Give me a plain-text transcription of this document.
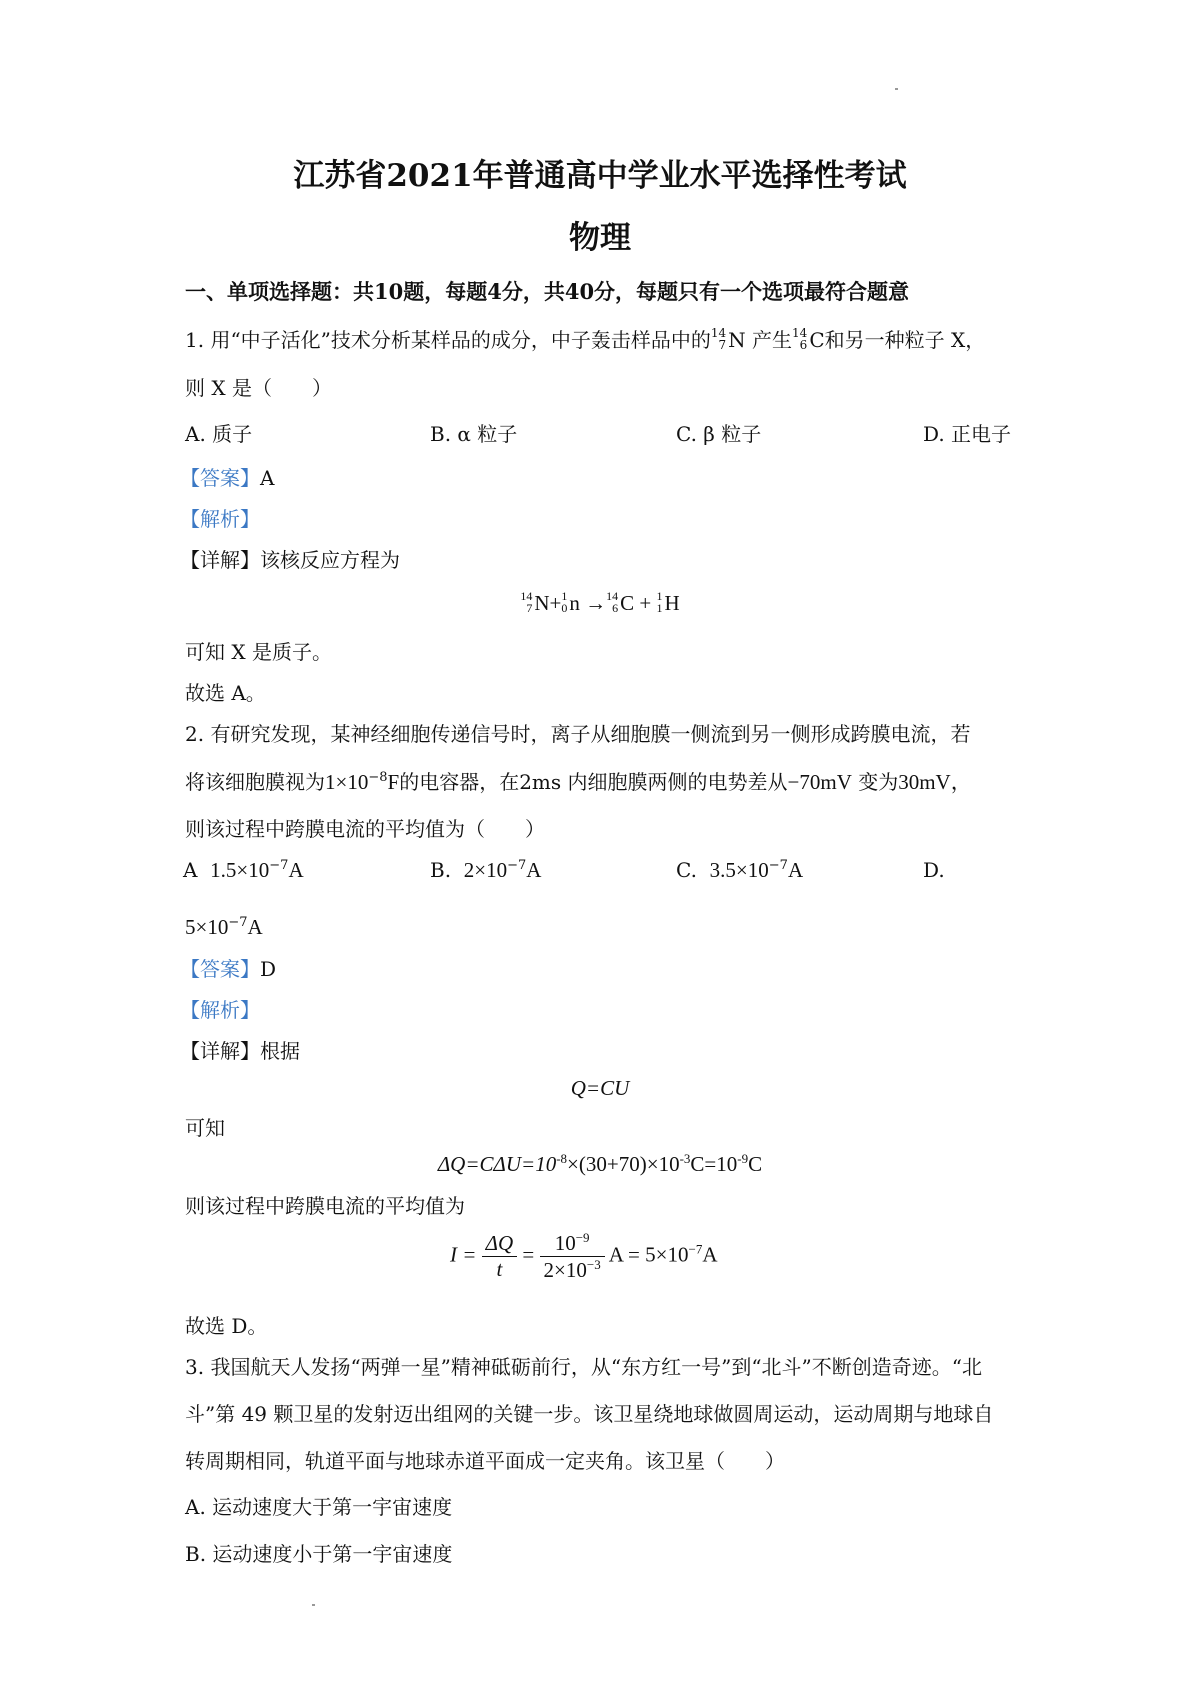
江苏省2021年普通高中学业水平选择性考试
物理
一、单项选择题：共10题，每题4分，共40分，每题只有一个选项最符合题意
1. 用“中子活化”技术分析某样品的成分，中子轰击样品中的 14
7 N 产生 14
6 C和另一种粒子 X，
则 X 是（　　）
A. 质子	B. α 粒子	C. β 粒子	D. 正电子
【答案】A
【解析】
【详解】该核反应方程为
14
7 N+ 1
0 n → 14
6 C + 1
1 H
可知 X 是质子。
故选 A。
2. 有研究发现，某神经细胞传递信号时，离子从细胞膜一侧流到另一侧形成跨膜电流，若
将该细胞膜视为$1\times 10^{-8}F$的电容器，在2ms 内细胞膜两侧的电势差从−70mV 变为30mV，
则该过程中跨膜电流的平均值为（　　）
A $1.5\times 10^{-7}A$	B. $2\times 10^{-7}A$	C. $3.5\times 10^{-7}A$	D.
$5\times 10^{-7}A$
【答案】D
【解析】
【详解】根据
Q=CU
可知
$\Delta Q=C\Delta U=10^{-8}\times(30+70)\times 10^{-3}C=10^{-9}C$
则该过程中跨膜电流的平均值为
$I = \frac{\Delta Q}{t} = \frac{10^{-9}}{2\times 10^{-3}}$ $A = 5\times 10^{-7}A$
故选 D。
3. 我国航天人发扬“两弹一星”精神砥砺前行，从“东方红一号”到“北斗”不断创造奇迹。“北
斗”第 49 颗卫星的发射迈出组网的关键一步。该卫星绕地球做圆周运动，运动周期与地球自
转周期相同，轨道平面与地球赤道平面成一定夹角。该卫星（　　）
A. 运动速度大于第一宇宙速度
B. 运动速度小于第一宇宙速度
